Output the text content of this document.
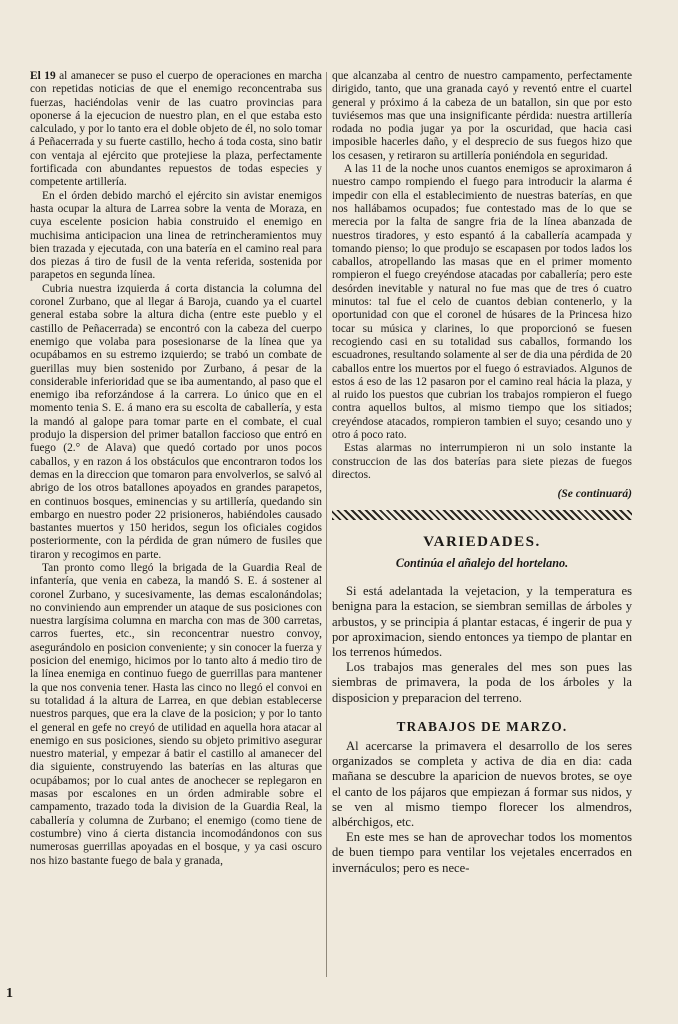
El 19 al amanecer se puso el cuerpo de operaciones en marcha con repetidas noticias de que el enemigo reconcentraba sus fuerzas, haciéndolas venir de las cuatro provincias para oponerse á la ejecucion de nuestro plan, en el que estaba esto calculado, y por lo tanto era el doble objeto de él, no solo tomar á Peñacerrada y su fuerte castillo, hecho á toda costa, sino batir con ventaja al ejército que protejiese la plaza, perfectamente fortificada con abundantes repuestos de todas especies y competente artillería.

En el órden debido marchó el ejército sin avistar enemigos hasta ocupar la altura de Larrea sobre la venta de Moraza, en cuya escelente posicion habia construido el enemigo en muchisima anticipacion una linea de retrincheramientos muy bien trazada y ejecutada, con una batería en el camino real para dos piezas á tiro de fusil de la venta referida, sostenida por parapetos en segunda línea.

Cubria nuestra izquierda á corta distancia la columna del coronel Zurbano, que al llegar á Baroja, cuando ya el cuartel general estaba sobre la altura dicha (entre este pueblo y el castillo de Peñacerrada) se encontró con la cabeza del cuerpo enemigo que volaba para posesionarse de la línea que ya ocupábamos en su estremo izquierdo; se trabó un combate de guerillas muy bien sostenido por Zurbano, á pesar de la considerable inferioridad que se iba aumentando, al paso que el enemigo iba reforzándose á la carrera. Lo único que en el momento tenia S. E. á mano era su escolta de caballería, y esta la mandó al galope para tomar parte en el combate, el cual produjo la dispersion del primer batallon faccioso que entró en fuego (2.° de Alava) que quedó cortado por unos pocos caballos, y en razon á los obstáculos que encontraron todos los demas en la direccion que tomaron para envolverlos, se salvó al abrigo de los otros batallones apoyados en grandes parapetos, en continuos bosques, eminencias y su artillería, quedando sin embargo en nuestro poder 22 prisioneros, habiéndoles causado bastantes muertos y 150 heridos, segun los oficiales cogidos posteriormente, con la pérdida de gran número de fusiles que tiraron y recogimos en parte.

Tan pronto como llegó la brigada de la Guardia Real de infantería, que venia en cabeza, la mandó S. E. á sostener al coronel Zurbano, y sucesivamente, las demas escalonándolas; no conviniendo aun emprender un ataque de sus posiciones con nuestra largísima columna en marcha con mas de 300 carretas, carros fuertes, etc., sin reconcentrar nuestro convoy, asegurándolo en posicion conveniente; y sin conocer la fuerza y posicion del enemigo, hicimos por lo tanto alto á medio tiro de la línea enemiga en continuo fuego de guerrillas para mantener la que nos convenia tener. Hasta las cinco no llegó el convoi en su totalidad á la altura de Larrea, en que debian establecerse nuestros parques, que era la clave de la posicion; y por lo tanto el general en gefe no creyó de utilidad en aquella hora atacar al enemigo en sus posiciones, siendo su objeto primitivo asegurar nuestro material, y empezar á batir el castillo al amanecer del dia siguiente, construyendo las baterías en las alturas que ocupábamos; por lo cual antes de anochecer se replegaron en masas por escalones en un órden admirable sobre el campamento, trazado toda la division de la Guardia Real, la caballería y columna de Zurbano; el enemigo (como tiene de costumbre) vino á cierta distancia incomodándonos con sus numerosas guerrillas apoyadas en el bosque, y ya casi oscuro nos hizo bastante fuego de bala y granada,

que alcanzaba al centro de nuestro campamento, perfectamente dirigido, tanto, que una granada cayó y reventó entre el cuartel general y próximo á la cabeza de un batallon, sin que por esto tuviésemos mas que una insignificante pérdida: nuestra artillería rodada no podia jugar ya por la oscuridad, que hacia casi imposible hacerles daño, y el desprecio de sus fuegos hizo que los cesasen, y retiraron su artillería poniéndola en seguridad.

A las 11 de la noche unos cuantos enemigos se aproximaron á nuestro campo rompiendo el fuego para introducir la alarma é impedir con ella el establecimiento de nuestras baterías, en que nos hallábamos ocupados; fue contestado mas de lo que se merecia por la falta de sangre fria de la línea abanzada de nuestros tiradores, y esto espantó á la caballería acampada y tomando pienso; lo que produjo se escapasen por todos lados los caballos, atropellando las masas que en el primer momento rompieron el fuego creyéndose atacadas por caballería; pero este desórden inevitable y natural no fue mas que de tres ó cuatro minutos: tal fue el celo de cuantos debian contenerlo, y la oportunidad con que el coronel de húsares de la Princesa hizo tocar su música y clarines, lo que proporcionó se fuesen recogiendo casi en su totalidad sus caballos, formando los escuadrones, resultando solamente al ser de dia una pérdida de 20 caballos entre los muertos por el fuego ó estraviados. Algunos de estos á eso de las 12 pasaron por el camino real hácia la plaza, y al ruido los puestos que cubrian los trabajos rompieron el fuego contra aquellos bultos, al mismo tiempo que los sitiados; creyéndose atacados, rompieron tambien el suyo; cesando uno y otro á poco rato.

Estas alarmas no interrumpieron ni un solo instante la construccion de las dos baterías para siete piezas de fuegos directos.

(Se continuará)

VARIEDADES.
Continúa el añalejo del hortelano.

Si está adelantada la vejetacion, y la temperatura es benigna para la estacion, se siembran semillas de árboles y arbustos, y se principia á plantar estacas, é ingerir de pua y por aproximacion, siendo entonces ya tiempo de plantar en los terrenos húmedos.

Los trabajos mas generales del mes son pues las siembras de primavera, la poda de los árboles y la disposicion y preparacion del terreno.

TRABAJOS DE MARZO.

Al acercarse la primavera el desarrollo de los seres organizados se completa y activa de dia en dia: cada mañana se descubre la aparicion de nuevos brotes, se oye el canto de los pájaros que empiezan á formar sus nidos, y se ven al mismo tiempo florecer los almendros, albérchigos, etc.

En este mes se han de aprovechar todos los momentos de buen tiempo para ventilar los vejetales encerrados en invernáculos; pero es nece-

1
